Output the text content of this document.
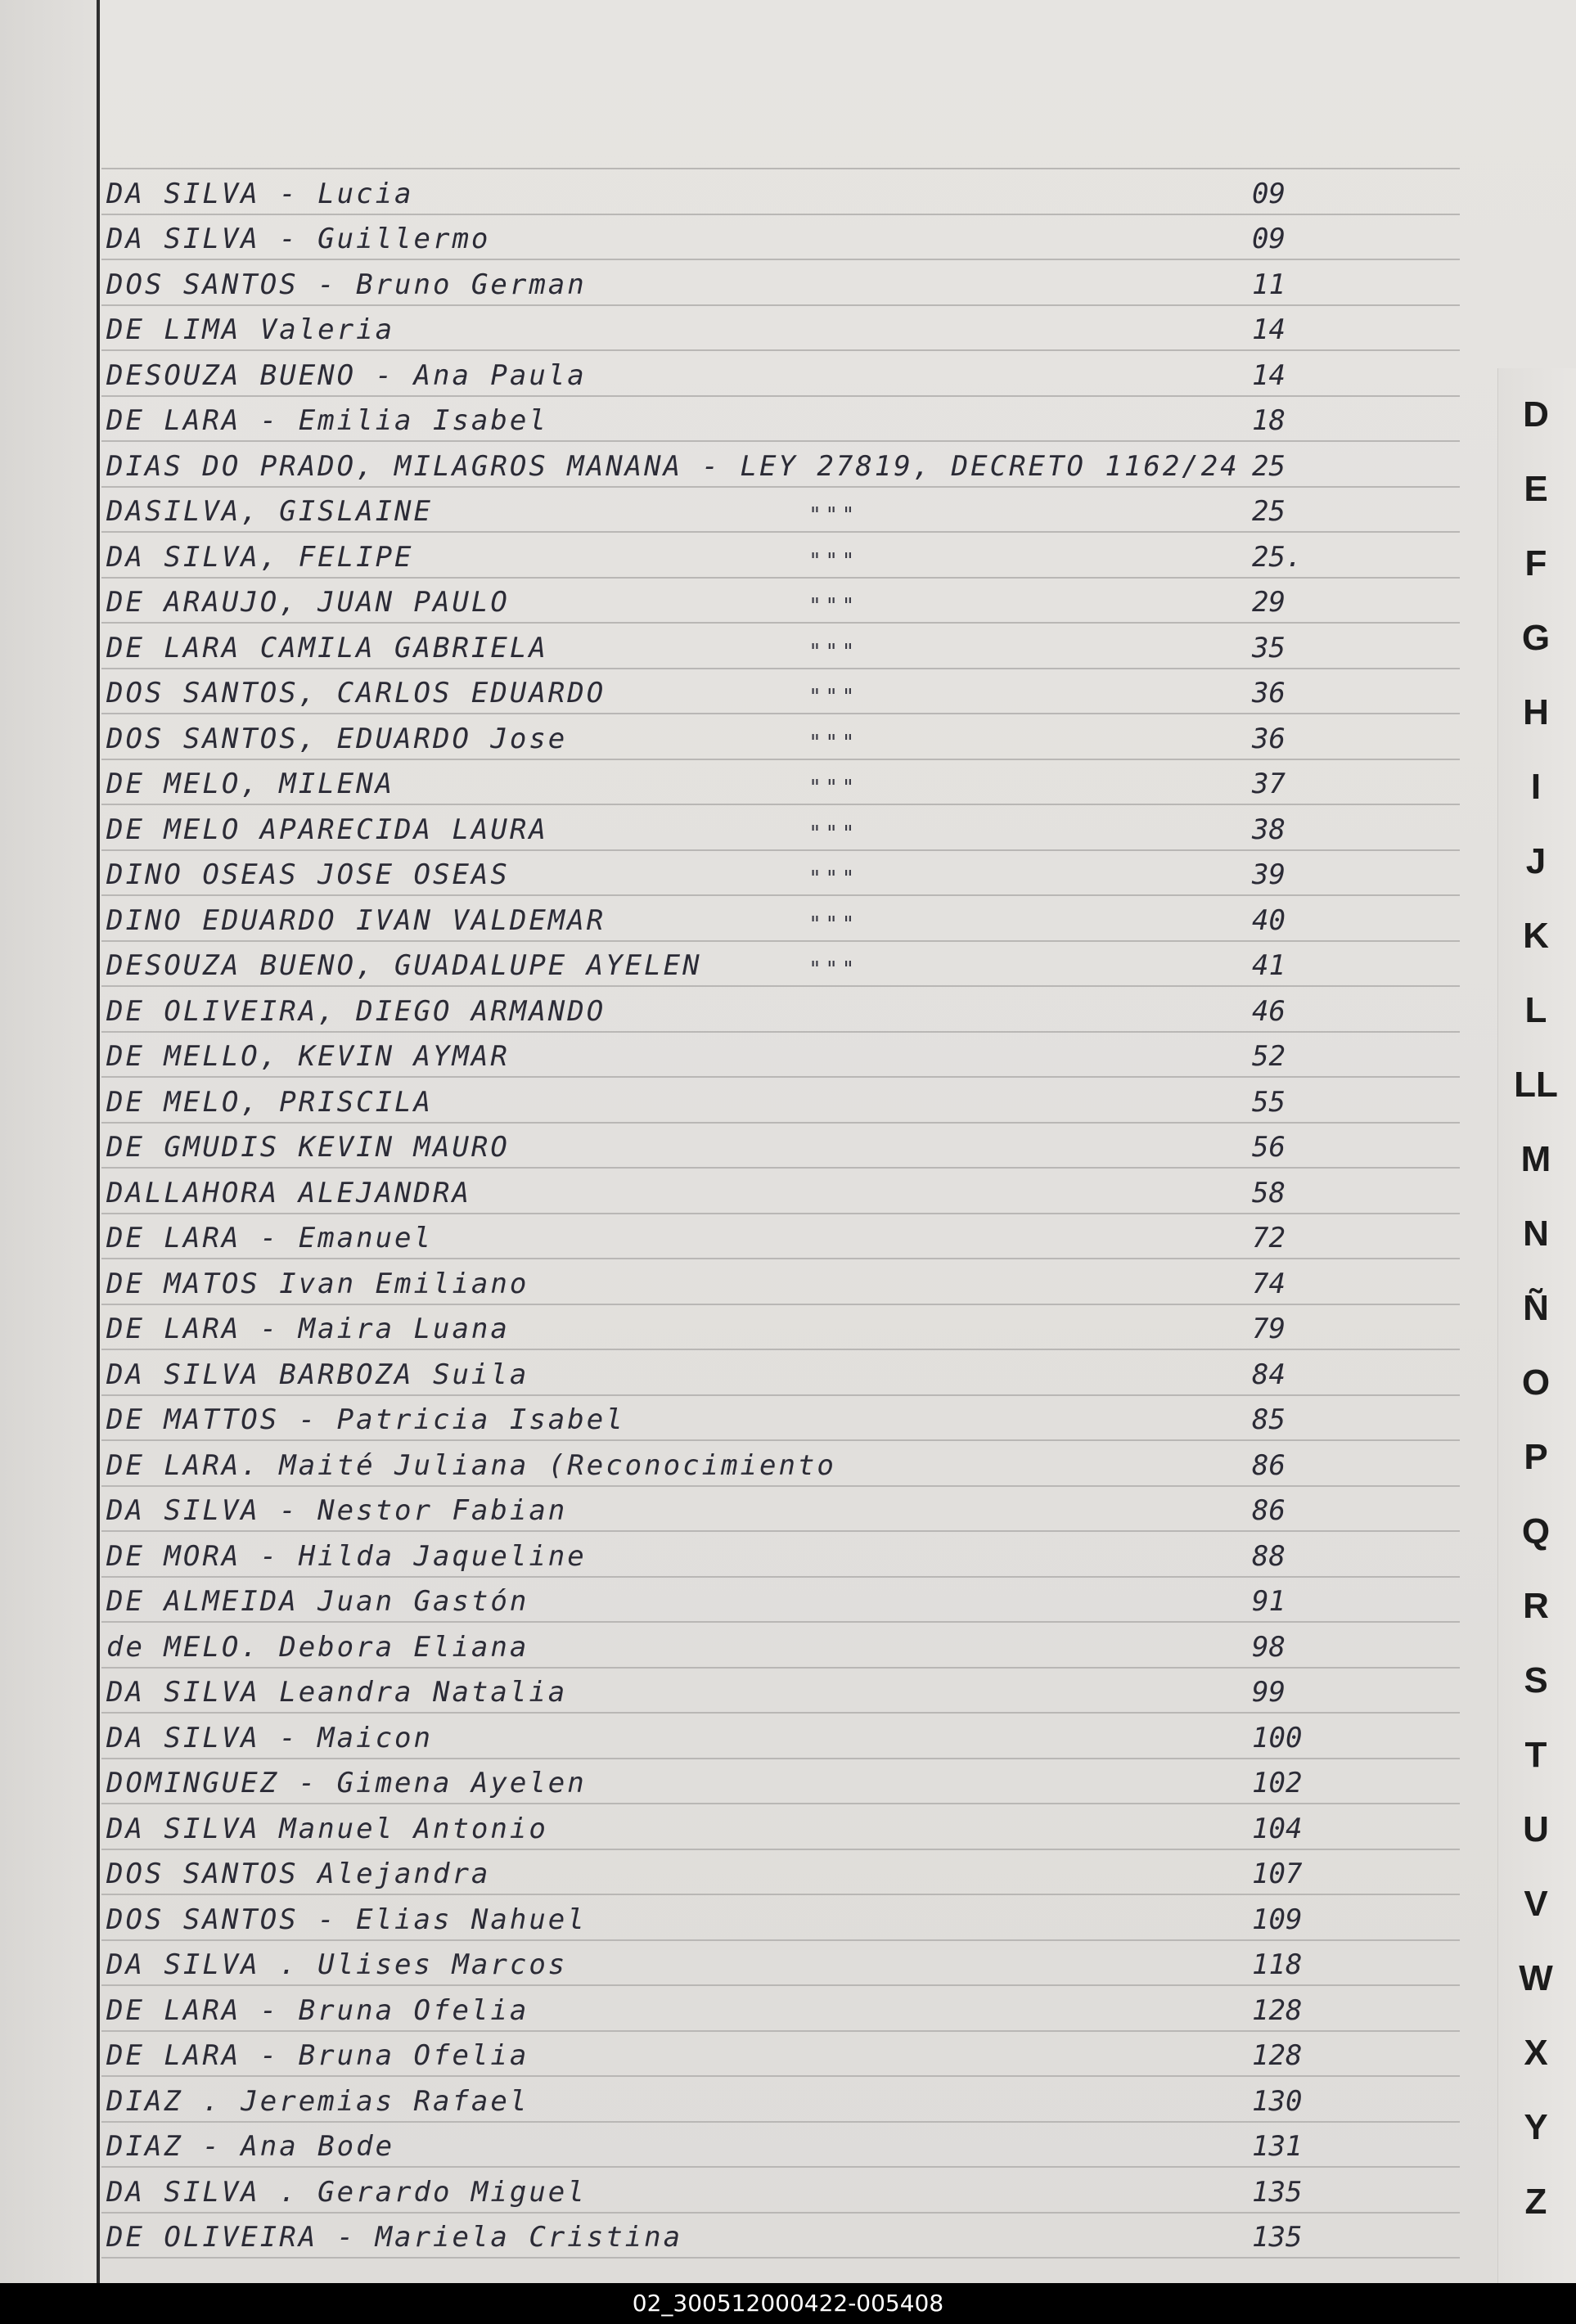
DA SILVA - Lucia	09
DA SILVA - Guillermo	09
DOS SANTOS - Bruno German	11
DE LIMA Valeria	14
DESOUZA BUENO - Ana Paula	14
DE LARA - Emilia Isabel	18
DIAS DO PRADO, MILAGROS MANANA - LEY 27819, DECRETO 1162/24 25
DASILVA, GISLAINE	" " "	25
DA SILVA, FELIPE	" " "	25.
DE ARAUJO, JUAN PAULO	" " "	29
DE LARA CAMILA GABRIELA	" " "	35
DOS SANTOS, CARLOS EDUARDO	" " "	36
DOS SANTOS, EDUARDO Jose	" " "	36
DE MELO, MILENA	" " "	37
DE MELO APARECIDA LAURA	" " "	38
DINO OSEAS JOSE OSEAS	" " "	39
DINO EDUARDO IVAN VALDEMAR	" " "	40
DESOUZA BUENO, GUADALUPE AYELEN	" " "	41
DE OLIVEIRA, DIEGO ARMANDO	46
DE MELLO, KEVIN AYMAR	52
DE MELO, PRISCILA	55
DE GMUDIS KEVIN MAURO	56
DALLAHORA ALEJANDRA	58
DE LARA - Emanuel	72
DE MATOS Ivan Emiliano	74
DE LARA - Maira Luana	79
DA SILVA BARBOZA Suila	84
DE MATTOS - Patricia Isabel	85
DE LARA. Maité Juliana (Reconocimiento	86
DA SILVA - Nestor Fabian	86
DE MORA - Hilda Jaqueline	88
DE ALMEIDA Juan Gastón	91
de MELO. Debora Eliana	98
DA SILVA Leandra Natalia	99
DA SILVA - Maicon	100
DOMINGUEZ - Gimena Ayelen	102
DA SILVA Manuel Antonio	104
DOS SANTOS Alejandra	107
DOS SANTOS - Elias Nahuel	109
DA SILVA . Ulises Marcos	118
DE LARA - Bruna Ofelia	128
DE LARA - Bruna Ofelia	128
DIAZ . Jeremias Rafael	130
DIAZ - Ana Bode	131
DA SILVA . Gerardo Miguel	135
DE OLIVEIRA - Mariela Cristina	135
D
E
F
G
H
I
J
K
L
LL
M
N
Ñ
O
P
Q
R
S
T
U
V
W
X
Y
Z
02_300512000422-005408
